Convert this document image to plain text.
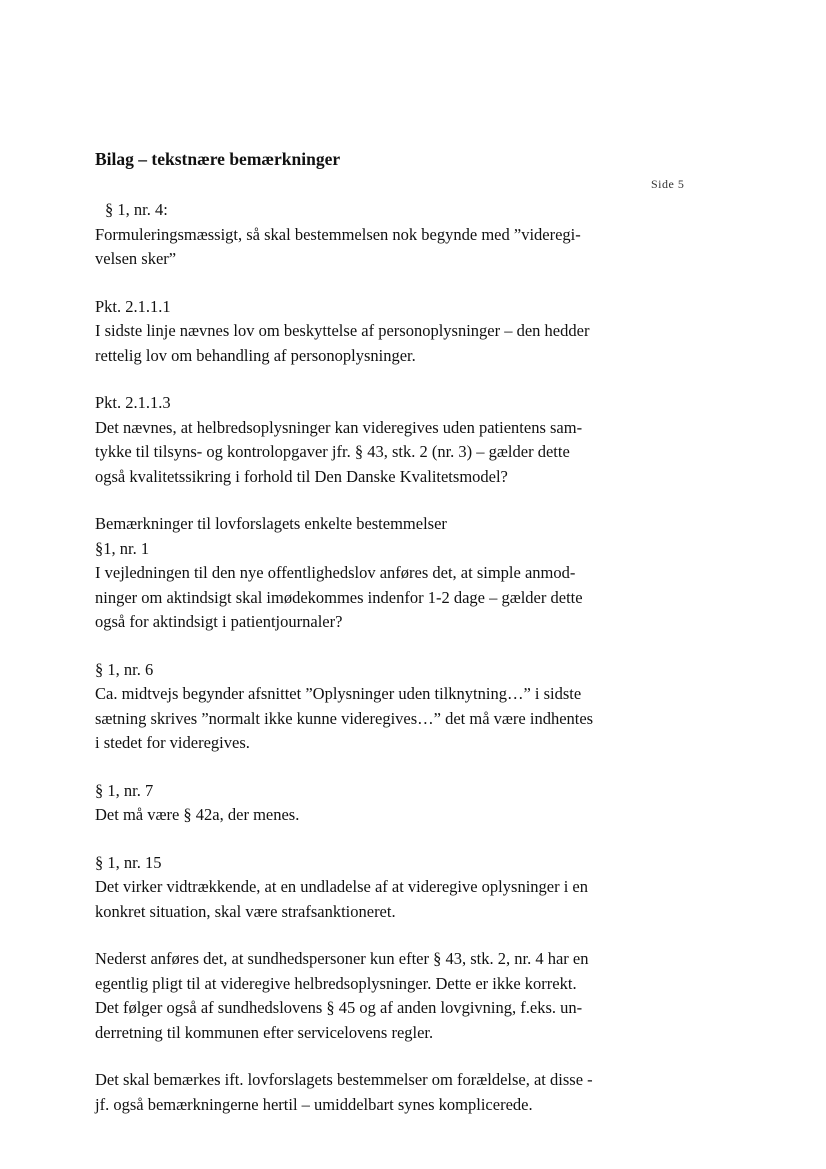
Side 5
Bilag – tekstnære bemærkninger

§ 1, nr. 4:
Formuleringsmæssigt, så skal bestemmelsen nok begynde med ”videregi-
velsen sker”

Pkt. 2.1.1.1
I sidste linje nævnes lov om beskyttelse af personoplysninger – den hedder
rettelig lov om behandling af personoplysninger.

Pkt. 2.1.1.3
Det nævnes, at helbredsoplysninger kan videregives uden patientens sam-
tykke til tilsyns- og kontrolopgaver jfr. § 43, stk. 2 (nr. 3) – gælder dette
også kvalitetssikring i forhold til Den Danske Kvalitetsmodel?

Bemærkninger til lovforslagets enkelte bestemmelser
§1, nr. 1
I vejledningen til den nye offentlighedslov anføres det, at simple anmod-
ninger om aktindsigt skal imødekommes indenfor 1-2 dage – gælder dette
også for aktindsigt i patientjournaler?

§ 1, nr. 6
Ca. midtvejs begynder afsnittet ”Oplysninger uden tilknytning…” i sidste
sætning skrives ”normalt ikke kunne videregives…” det må være indhentes
i stedet for videregives.

§ 1, nr. 7
Det må være § 42a, der menes.

§ 1, nr. 15
Det virker vidtrækkende, at en undladelse af at videregive oplysninger i en
konkret situation, skal være strafsanktioneret.

Nederst anføres det, at sundhedspersoner kun efter § 43, stk. 2, nr. 4 har en
egentlig pligt til at videregive helbredsoplysninger. Dette er ikke korrekt.
Det følger også af sundhedslovens § 45 og af anden lovgivning, f.eks. un-
derretning til kommunen efter servicelovens regler.

Det skal bemærkes ift. lovforslagets bestemmelser om forældelse, at disse -
jf. også bemærkningerne hertil – umiddelbart synes komplicerede.
